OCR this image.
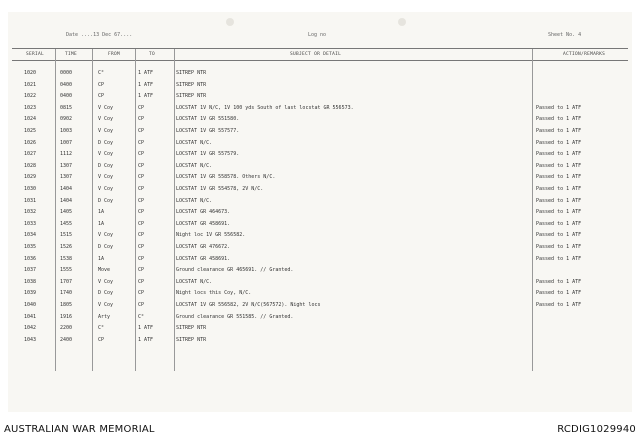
Date ....13 Dec 67....	Log no	Sheet No. 4
SERIAL	TIME	FROM	TO	SUBJECT OR DETAIL	ACTION/REMARKS
1020	0000	C°	1 ATF	SITREP NTR
1021	0400	CP	1 ATF	SITREP NTR
1022	0400	CP	1 ATF	SITREP NTR
1023	0815	V Coy	CP	LOCSTAT 1V N/C, 1V 100 yds South of last locstat GR 556573.	Passed to 1 ATF
1024	0902	V Coy	CP	LOCSTAT 1V GR 551580.	Passed to 1 ATF
1025	1003	V Coy	CP	LOCSTAT 1V GR 557577.	Passed to 1 ATF
1026	1007	D Coy	CP	LOCSTAT N/C.	Passed to 1 ATF
1027	1112	V Coy	CP	LOCSTAT 1V GR 557579.	Passed to 1 ATF
1028	1307	D Coy	CP	LOCSTAT N/C.	Passed to 1 ATF
1029	1307	V Coy	CP	LOCSTAT 1V GR 558578. Others N/C.	Passed to 1 ATF
1030	1404	V Coy	CP	LOCSTAT 1V GR 554578, 2V N/C.	Passed to 1 ATF
1031	1404	D Coy	CP	LOCSTAT N/C.	Passed to 1 ATF
1032	1405	1A	CP	LOCSTAT GR 464673.	Passed to 1 ATF
1033	1455	1A	CP	LOCSTAT GR 458691.	Passed to 1 ATF
1034	1515	V Coy	CP	Night loc 1V GR 556582.	Passed to 1 ATF
1035	1526	D Coy	CP	LOCSTAT GR 476672.	Passed to 1 ATF
1036	1538	1A	CP	LOCSTAT GR 458691.	Passed to 1 ATF
1037	1555	Move	CP	Ground clearance GR 465691. // Granted.
1038	1707	V Coy	CP	LOCSTAT N/C.	Passed to 1 ATF
1039	1740	D Coy	CP	Night locs this Coy, N/C.	Passed to 1 ATF
1040	1805	V Coy	CP	LOCSTAT 1V GR 556582, 2V N/C(567572). Night locs	Passed to 1 ATF
1041	1916	Arty	C°	Ground clearance GR 551585. // Granted.
1042	2200	C°	1 ATF	SITREP NTR
1043	2400	CP	1 ATF	SITREP NTR
AUSTRALIAN WAR MEMORIAL	RCDIG1029940
